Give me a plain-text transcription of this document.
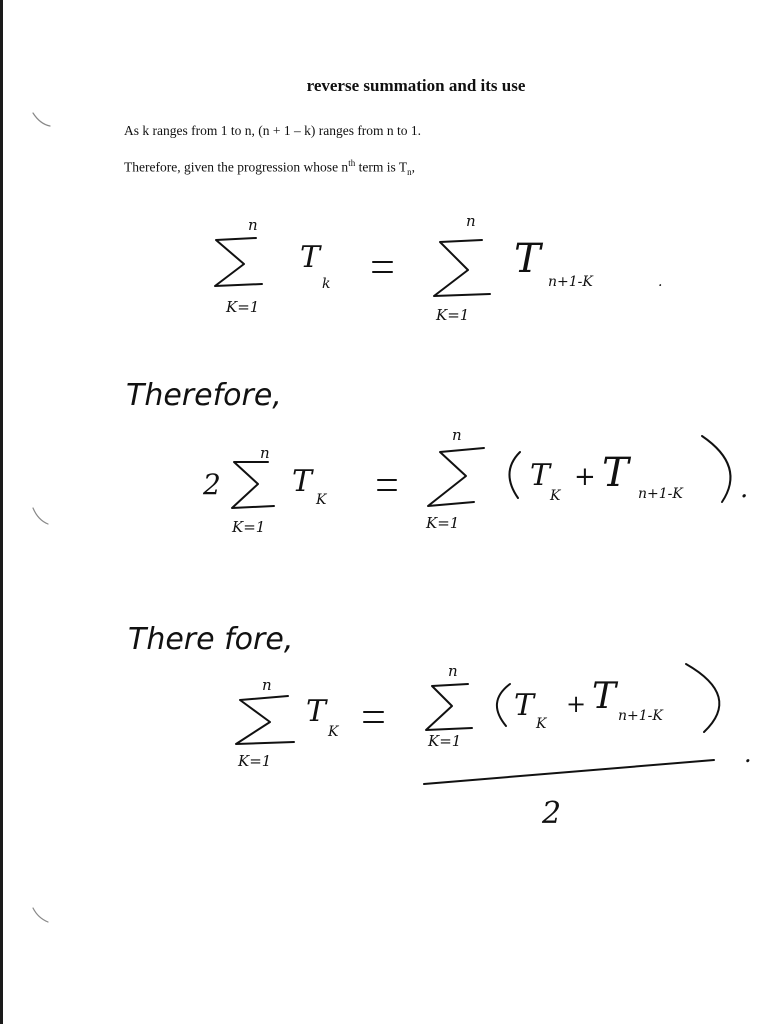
reverse summation and its use
As k ranges from 1 to n, (n + 1 – k) ranges from n to 1.
Therefore, given the progression whose $n^{th}$ term is $T_n$,
n
K=1
T
k
n
K=1
T n+1-K	.
Therefore,
2
n
K=1
T
K
n
K=1
T
K
+ T n+1-K .
There fore,
n
K=1
T
K
n
K=1
T
K
+ T n+1-K
2
.
